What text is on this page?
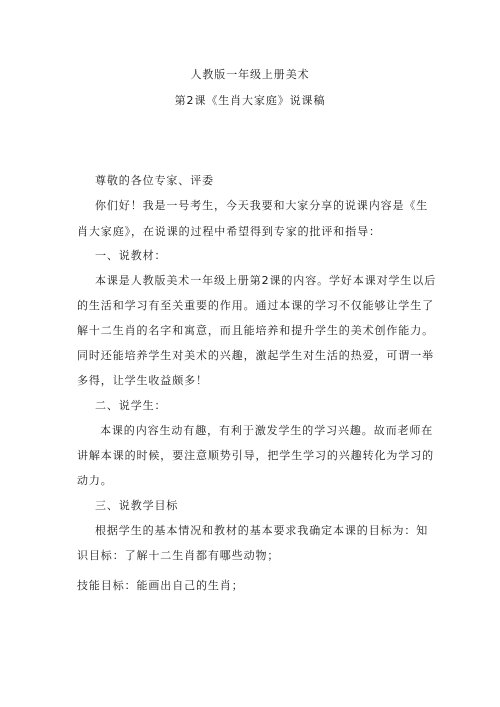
人教版一年级上册美术
第2课《生肖大家庭》说课稿
尊敬的各位专家、评委
你们好！我是一号考生，今天我要和大家分享的说课内容是《生
肖大家庭》，在说课的过程中希望得到专家的批评和指导：
一、说教材：
本课是人教版美术一年级上册第2课的内容。学好本课对学生以后
的生活和学习有至关重要的作用。通过本课的学习不仅能够让学生了
解十二生肖的名字和寓意，而且能培养和提升学生的美术创作能力。
同时还能培养学生对美术的兴趣，激起学生对生活的热爱，可谓一举
多得，让学生收益颇多！
二、说学生：
本课的内容生动有趣，有利于激发学生的学习兴趣。故而老师在
讲解本课的时候，要注意顺势引导，把学生学习的兴趣转化为学习的
动力。
三、说教学目标
根据学生的基本情况和教材的基本要求我确定本课的目标为：知
识目标：了解十二生肖都有哪些动物；
技能目标：能画出自己的生肖；
